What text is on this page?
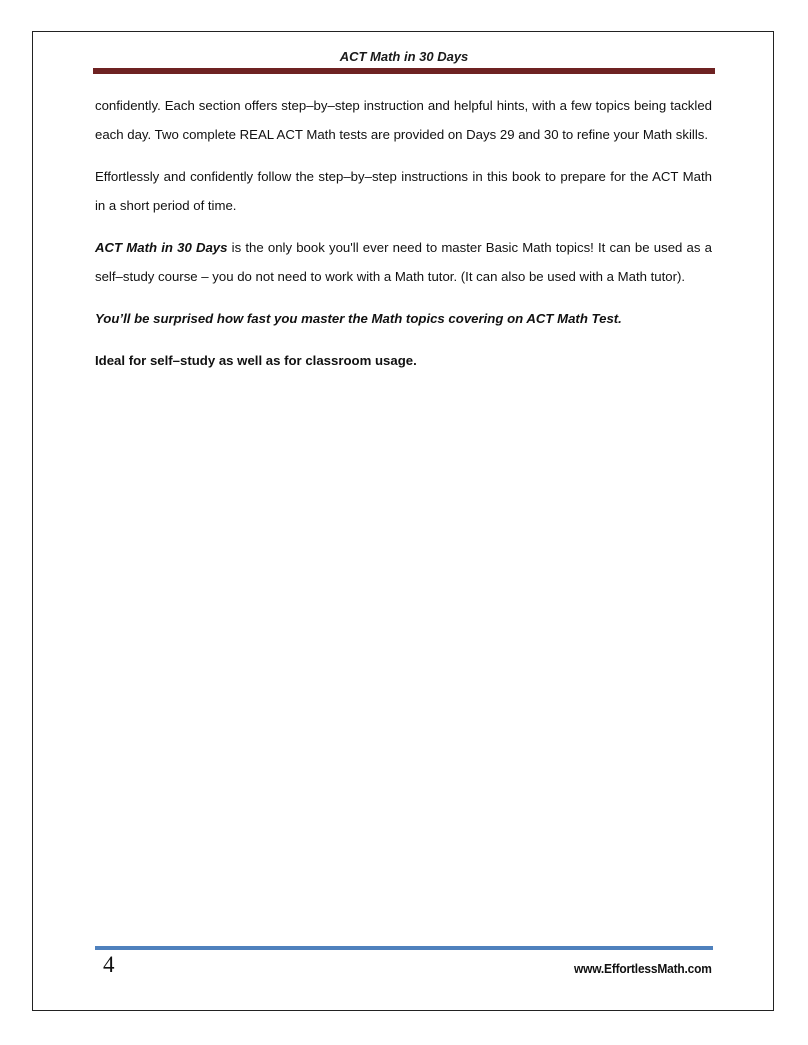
ACT Math in 30 Days

confidently. Each section offers step–by–step instruction and helpful hints, with a few topics being tackled each day. Two complete REAL ACT Math tests are provided on Days 29 and 30 to refine your Math skills.

Effortlessly and confidently follow the step–by–step instructions in this book to prepare for the ACT Math in a short period of time.

ACT Math in 30 Days is the only book you'll ever need to master Basic Math topics! It can be used as a self–study course – you do not need to work with a Math tutor. (It can also be used with a Math tutor).

You’ll be surprised how fast you master the Math topics covering on ACT Math Test.

Ideal for self–study as well as for classroom usage.

4	www.EffortlessMath.com
